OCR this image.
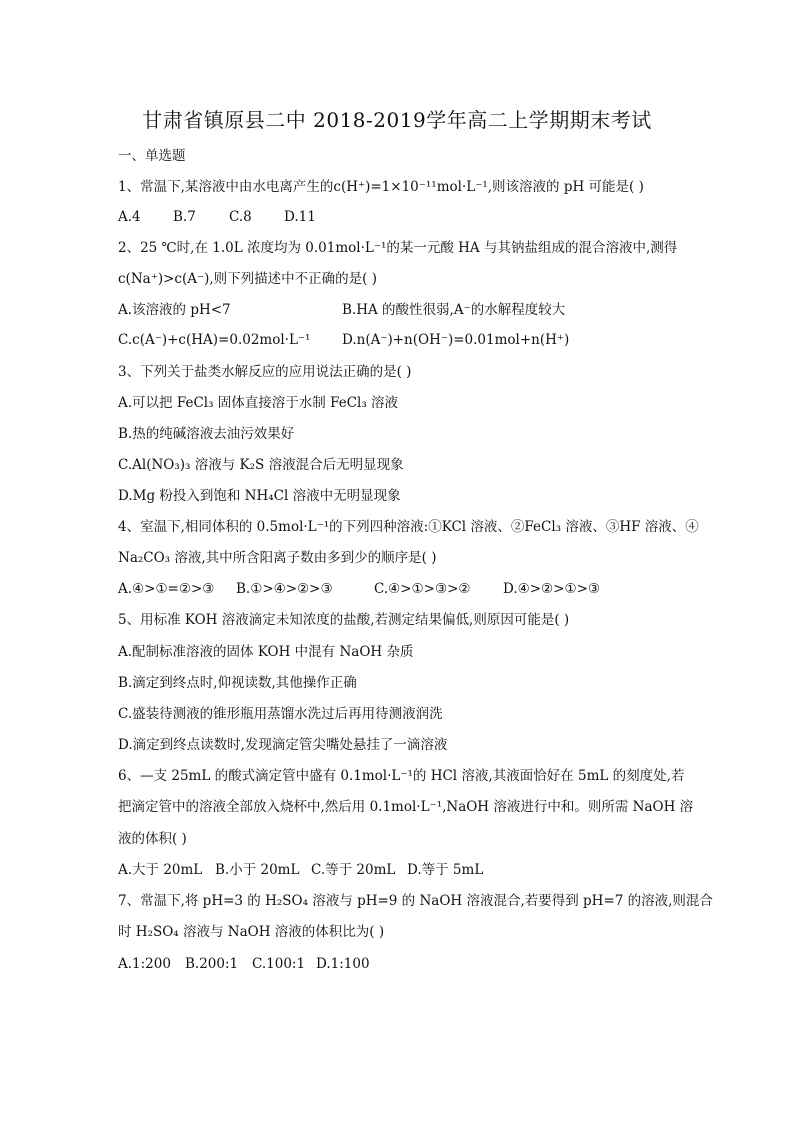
甘肃省镇原县二中 2018-2019学年高二上学期期末考试
一、单选题
1、常温下,某溶液中由水电离产生的c(H⁺)=1×10⁻¹¹mol·L⁻¹,则该溶液的 pH 可能是( )
A.4 B.7 C.8 D.11
2、25 ℃时,在 1.0L 浓度均为 0.01mol·L⁻¹的某一元酸 HA 与其钠盐组成的混合溶液中,测得
c(Na⁺)>c(A⁻),则下列描述中不正确的是( )
A.该溶液的 pH<7	B.HA 的酸性很弱,A⁻的水解程度较大
C.c(A⁻)+c(HA)=0.02mol·L⁻¹ D.n(A⁻)+n(OH⁻)=0.01mol+n(H⁺)
3、下列关于盐类水解反应的应用说法正确的是( )
A.可以把 FeCl₃ 固体直接溶于水制 FeCl₃ 溶液
B.热的纯碱溶液去油污效果好
C.Al(NO₃)₃ 溶液与 K₂S 溶液混合后无明显现象
D.Mg 粉投入到饱和 NH₄Cl 溶液中无明显现象
4、室温下,相同体积的 0.5mol·L⁻¹的下列四种溶液:①KCl 溶液、②FeCl₃ 溶液、③HF 溶液、④
Na₂CO₃ 溶液,其中所含阳离子数由多到少的顺序是( )
A.④>①=②>③ B.①>④>②>③	C.④>①>③>② D.④>②>①>③
5、用标准 KOH 溶液滴定未知浓度的盐酸,若测定结果偏低,则原因可能是( )
A.配制标准溶液的固体 KOH 中混有 NaOH 杂质
B.滴定到终点时,仰视读数,其他操作正确
C.盛装待测液的锥形瓶用蒸馏水洗过后再用待测液润洗
D.滴定到终点读数时,发现滴定管尖嘴处悬挂了一滴溶液
6、—支 25mL 的酸式滴定管中盛有 0.1mol·L⁻¹的 HCl 溶液,其液面恰好在 5mL 的刻度处,若
把滴定管中的溶液全部放入烧杯中,然后用 0.1mol·L⁻¹,NaOH 溶液进行中和。则所需 NaOH 溶
液的体积( )
A.大于 20mL B.小于 20mL C.等于 20mL D.等于 5mL
7、常温下,将 pH=3 的 H₂SO₄ 溶液与 pH=9 的 NaOH 溶液混合,若要得到 pH=7 的溶液,则混合
时 H₂SO₄ 溶液与 NaOH 溶液的体积比为( )
A.1:200 B.200:1 C.100:1 D.1:100
